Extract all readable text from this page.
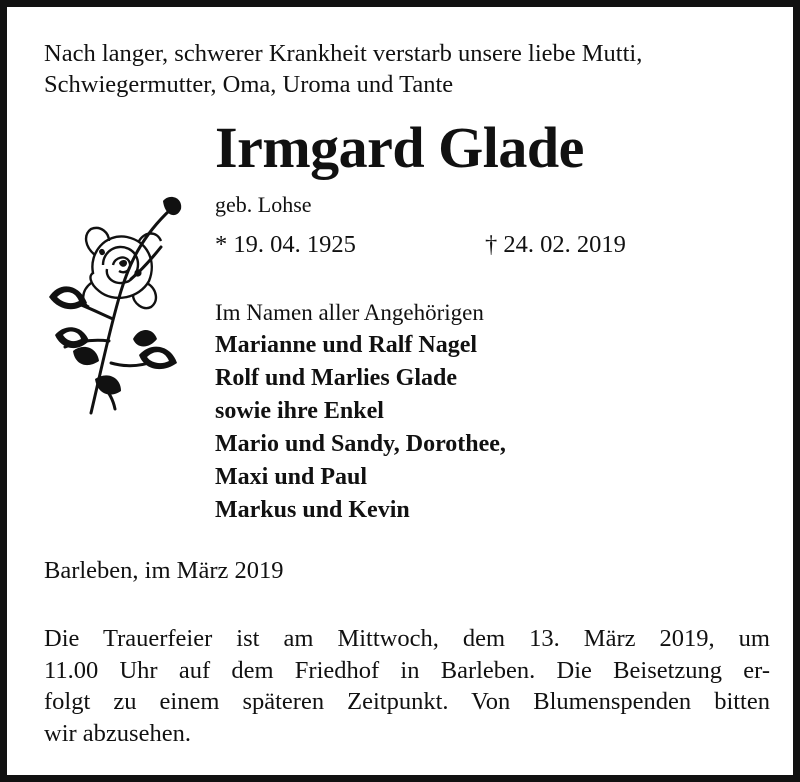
Nach langer, schwerer Krankheit verstarb unsere liebe Mutti,
Schwiegermutter, Oma, Uroma und Tante
Irmgard Glade
geb. Lohse
* 19. 04. 1925	† 24. 02. 2019
Im Namen aller Angehörigen
Marianne und Ralf Nagel
Rolf und Marlies Glade
sowie ihre Enkel
Mario und Sandy, Dorothee,
Maxi und Paul
Markus und Kevin
Barleben, im März 2019
Die Trauerfeier ist am Mittwoch, dem 13. März 2019, um
11.00 Uhr auf dem Friedhof in Barleben. Die Beisetzung er-
folgt zu einem späteren Zeitpunkt. Von Blumenspenden bitten
wir abzusehen.
